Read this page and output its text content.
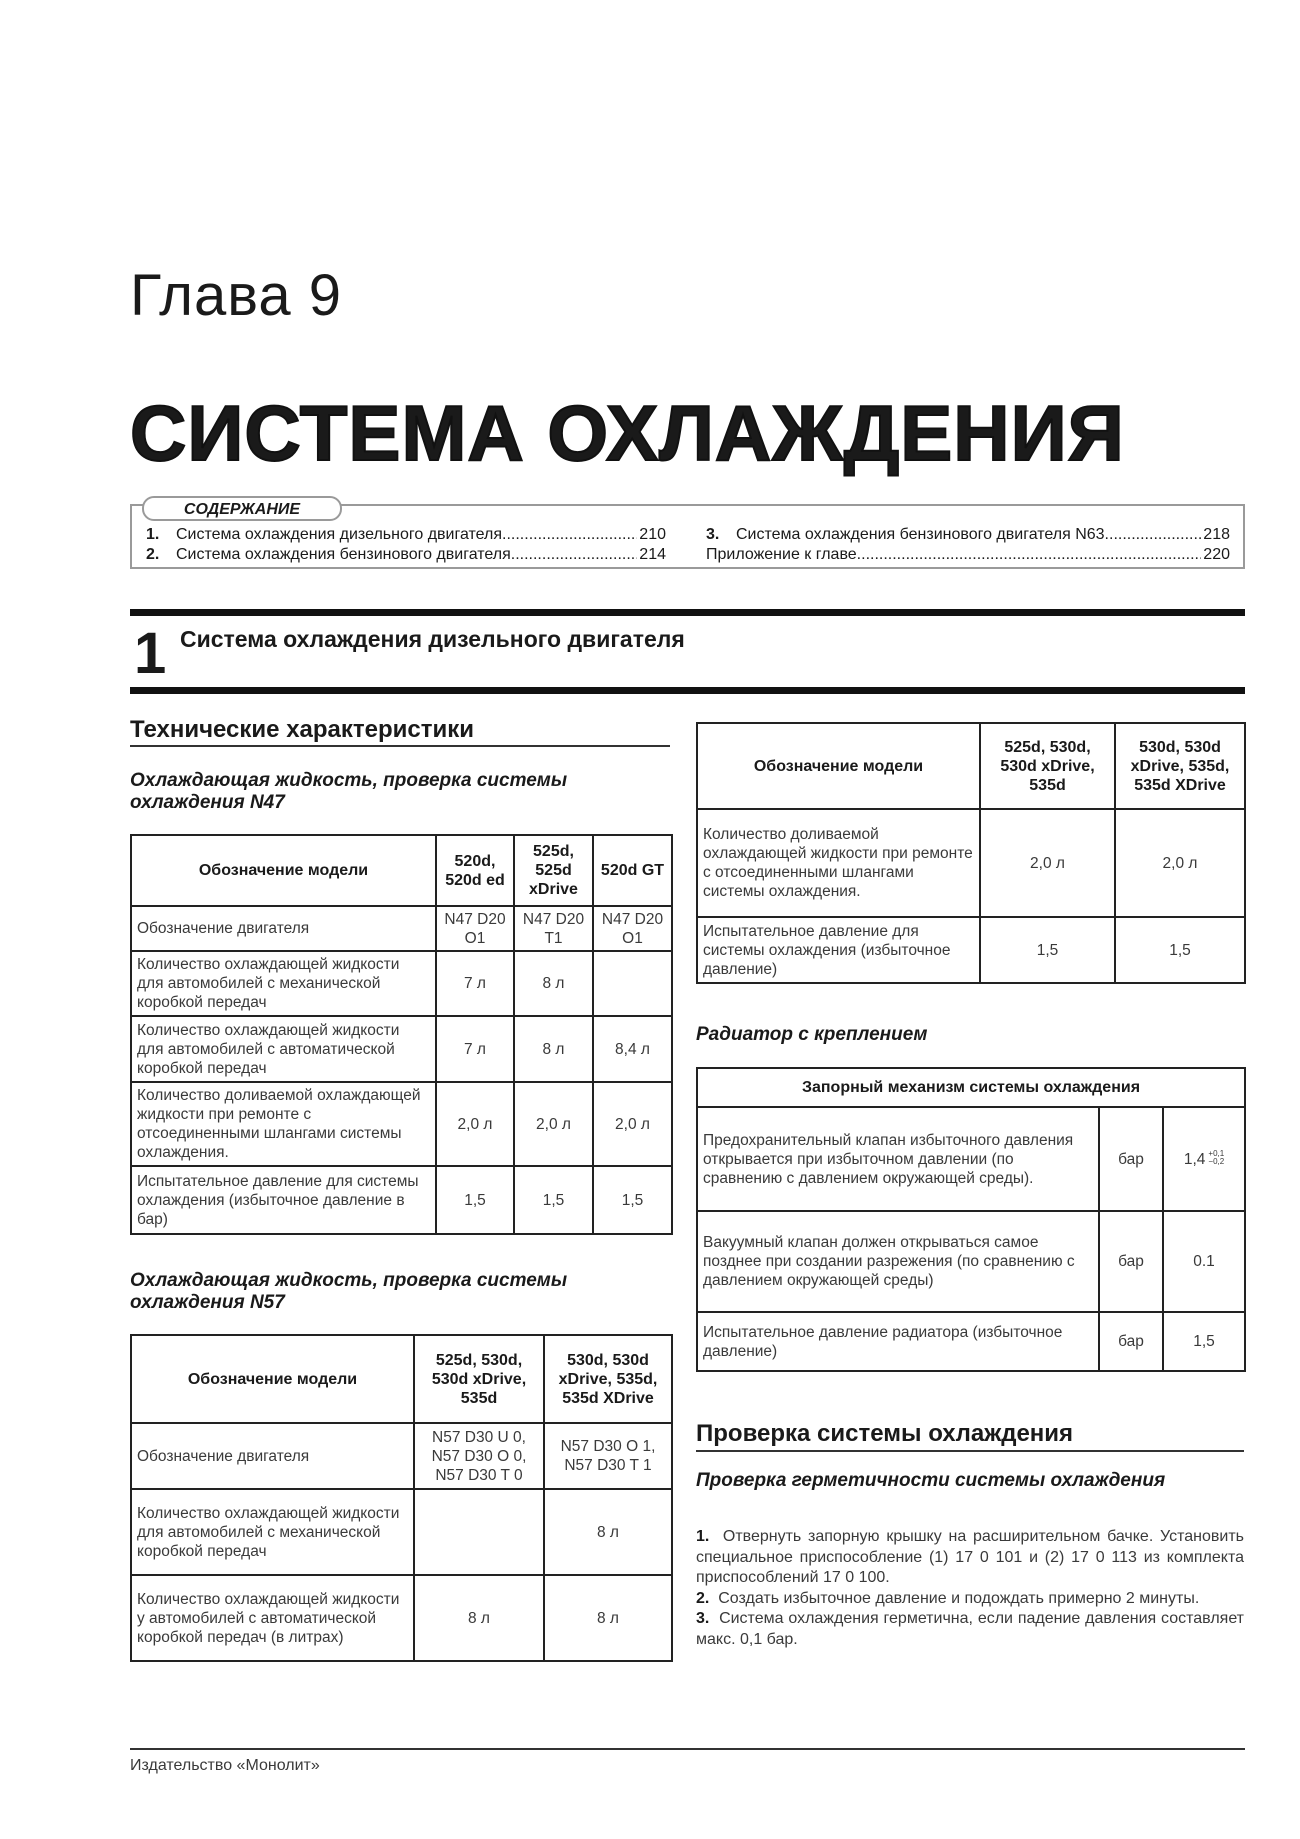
Глава 9
СИСТЕМА ОХЛАЖДЕНИЯ
СОДЕРЖАНИЕ
1.	Система охлаждения дизельного двигателя .....	210
2.	Система охлаждения бензинового двигателя .....	214
3.	Система охлаждения бензинового двигателя N63 .....	218
Приложение к главе .....	220
1 Система охлаждения дизельного двигателя
Технические характеристики
Охлаждающая жидкость, проверка системы охлаждения N47
Обозначение модели	520d, 520d ed	525d, 525d xDrive	520d GT
Обозначение двигателя	N47 D20 O1	N47 D20 T1	N47 D20 O1
Количество охлаждающей жидкости для автомобилей с механической коробкой передач	7 л	8 л	
Количество охлаждающей жидкости для автомобилей с автоматической коробкой передач	7 л	8 л	8,4 л
Количество доливаемой охлаждающей жидкости при ремонте с отсоединенными шлангами системы охлаждения.	2,0 л	2,0 л	2,0 л
Испытательное давление для системы охлаждения (избыточное давление в бар)	1,5	1,5	1,5
Охлаждающая жидкость, проверка системы охлаждения N57
Обозначение модели	525d, 530d, 530d xDrive, 535d	530d, 530d xDrive, 535d, 535d XDrive
Обозначение двигателя	N57 D30 U 0, N57 D30 O 0, N57 D30 T 0	N57 D30 O 1, N57 D30 T 1
Количество охлаждающей жидкости для автомобилей с механической коробкой передач		8 л
Количество охлаждающей жидкости у автомобилей с автоматической коробкой передач (в литрах)	8 л	8 л
Обозначение модели	525d, 530d, 530d xDrive, 535d	530d, 530d xDrive, 535d, 535d XDrive
Количество доливаемой охлаждающей жидкости при ремонте с отсоединенными шлангами системы охлаждения.	2,0 л	2,0 л
Испытательное давление для системы охлаждения (избыточное давление)	1,5	1,5
Радиатор с креплением
Запорный механизм системы охлаждения		
Предохранительный клапан избыточного давления открывается при избыточном давлении (по сравнению с давлением окружающей среды).	бар	1,4 $^{+0,1 -0,2}$
Вакуумный клапан должен открываться самое позднее при создании разрежения (по сравнению с давлением окружающей среды)	бар	0.1
Испытательное давление радиатора (избыточное давление)	бар	1,5
Проверка системы охлаждения
Проверка герметичности системы охлаждения

1. Отвернуть запорную крышку на расширительном бачке. Установить специальное приспособление (1) 17 0 101 и (2) 17 0 113 из комплекта приспособлений 17 0 100.

2. Создать избыточное давление и подождать примерно 2 минуты.

3. Система охлаждения герметична, если падение давления составляет макс. 0,1 бар.

Издательство «Монолит»
